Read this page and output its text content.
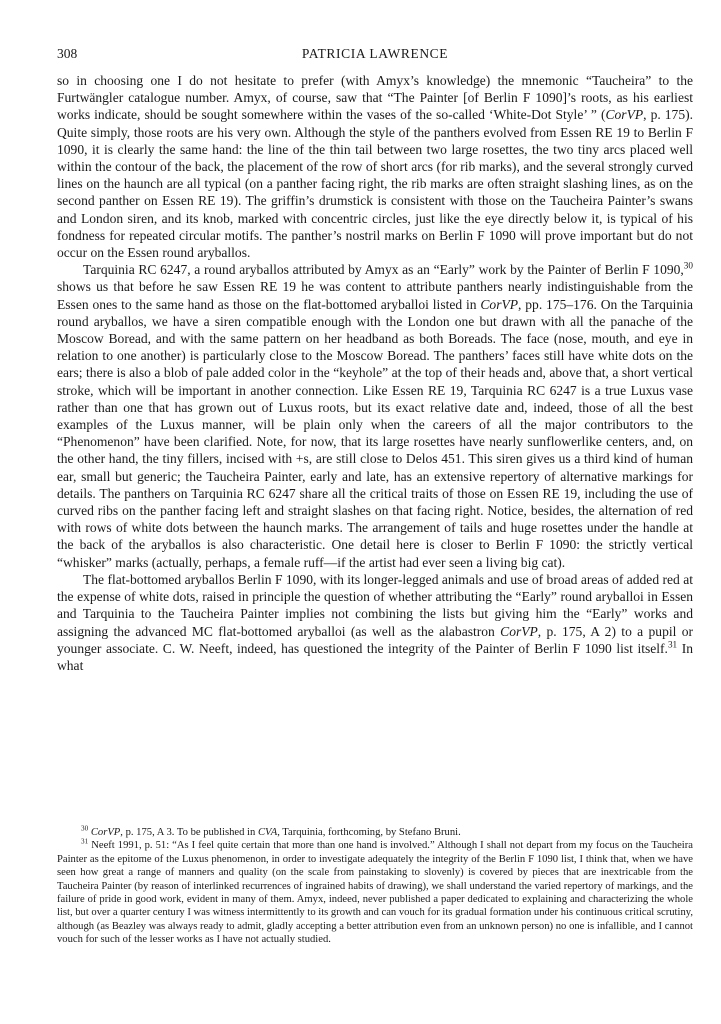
308	PATRICIA LAWRENCE

so in choosing one I do not hesitate to prefer (with Amyx’s knowledge) the mnemonic “Taucheira” to the Furtwängler catalogue number. Amyx, of course, saw that “The Painter [of Berlin F 1090]’s roots, as his earliest works indicate, should be sought somewhere within the vases of the so-called ‘White-Dot Style’ ” (CorVP, p. 175). Quite simply, those roots are his very own. Although the style of the panthers evolved from Essen RE 19 to Berlin F 1090, it is clearly the same hand: the line of the thin tail between two large rosettes, the two tiny arcs placed well within the contour of the back, the placement of the row of short arcs (for rib marks), and the several strongly curved lines on the haunch are all typical (on a panther facing right, the rib marks are often straight slashing lines, as on the second panther on Essen RE 19). The griffin’s drumstick is consistent with those on the Taucheira Painter’s swans and London siren, and its knob, marked with concentric circles, just like the eye directly below it, is typical of his fondness for repeated circular motifs. The panther’s nostril marks on Berlin F 1090 will prove important but do not occur on the Essen round aryballos.

Tarquinia RC 6247, a round aryballos attributed by Amyx as an “Early” work by the Painter of Berlin F 1090,30 shows us that before he saw Essen RE 19 he was content to attribute panthers nearly indistinguishable from the Essen ones to the same hand as those on the flat-bottomed aryballoi listed in CorVP, pp. 175–176. On the Tarquinia round aryballos, we have a siren compatible enough with the London one but drawn with all the panache of the Moscow Boread, and with the same pattern on her headband as both Boreads. The face (nose, mouth, and eye in relation to one another) is particularly close to the Moscow Boread. The panthers’ faces still have white dots on the ears; there is also a blob of pale added color in the “keyhole” at the top of their heads and, above that, a short vertical stroke, which will be important in another connection. Like Essen RE 19, Tarquinia RC 6247 is a true Luxus vase rather than one that has grown out of Luxus roots, but its exact relative date and, indeed, those of all the best examples of the Luxus manner, will be plain only when the careers of all the major contributors to the “Phenomenon” have been clarified. Note, for now, that its large rosettes have nearly sunflowerlike centers, and, on the other hand, the tiny fillers, incised with +s, are still close to Delos 451. This siren gives us a third kind of human ear, small but generic; the Taucheira Painter, early and late, has an extensive repertory of alternative markings for details. The panthers on Tarquinia RC 6247 share all the critical traits of those on Essen RE 19, including the use of curved ribs on the panther facing left and straight slashes on that facing right. Notice, besides, the alternation of red with rows of white dots between the haunch marks. The arrangement of tails and huge rosettes under the handle at the back of the aryballos is also characteristic. One detail here is closer to Berlin F 1090: the strictly vertical “whisker” marks (actually, perhaps, a female ruff—if the artist had ever seen a living big cat).

The flat-bottomed aryballos Berlin F 1090, with its longer-legged animals and use of broad areas of added red at the expense of white dots, raised in principle the question of whether attributing the “Early” round aryballoi in Essen and Tarquinia to the Taucheira Painter implies not combining the lists but giving him the “Early” works and assigning the advanced MC flat-bottomed aryballoi (as well as the alabastron CorVP, p. 175, A 2) to a pupil or younger associate. C. W. Neeft, indeed, has questioned the integrity of the Painter of Berlin F 1090 list itself.$^{31}$ In what

$^{30}$ CorVP, p. 175, A 3. To be published in CVA, Tarquinia, forthcoming, by Stefano Bruni.

$^{31}$ Neeft 1991, p. 51: “As I feel quite certain that more than one hand is involved.” Although I shall not depart from my focus on the Taucheira Painter as the epitome of the Luxus phenomenon, in order to investigate adequately the integrity of the Berlin F 1090 list, I think that, when we have seen how great a range of manners and quality (on the scale from painstaking to slovenly) is covered by pieces that are inextricable from the Taucheira Painter (by reason of interlinked recurrences of ingrained habits of drawing), we shall understand the varied repertory of markings, and the failure of pride in good work, evident in many of them. Amyx, indeed, never published a paper dedicated to explaining and characterizing the whole list, but over a quarter century I was witness intermittently to its growth and can vouch for its gradual formation under his continuous critical scrutiny, although (as Beazley was always ready to admit, gladly accepting a better attribution even from an unknown person) no one is infallible, and I cannot vouch for such of the lesser works as I have not actually studied.
